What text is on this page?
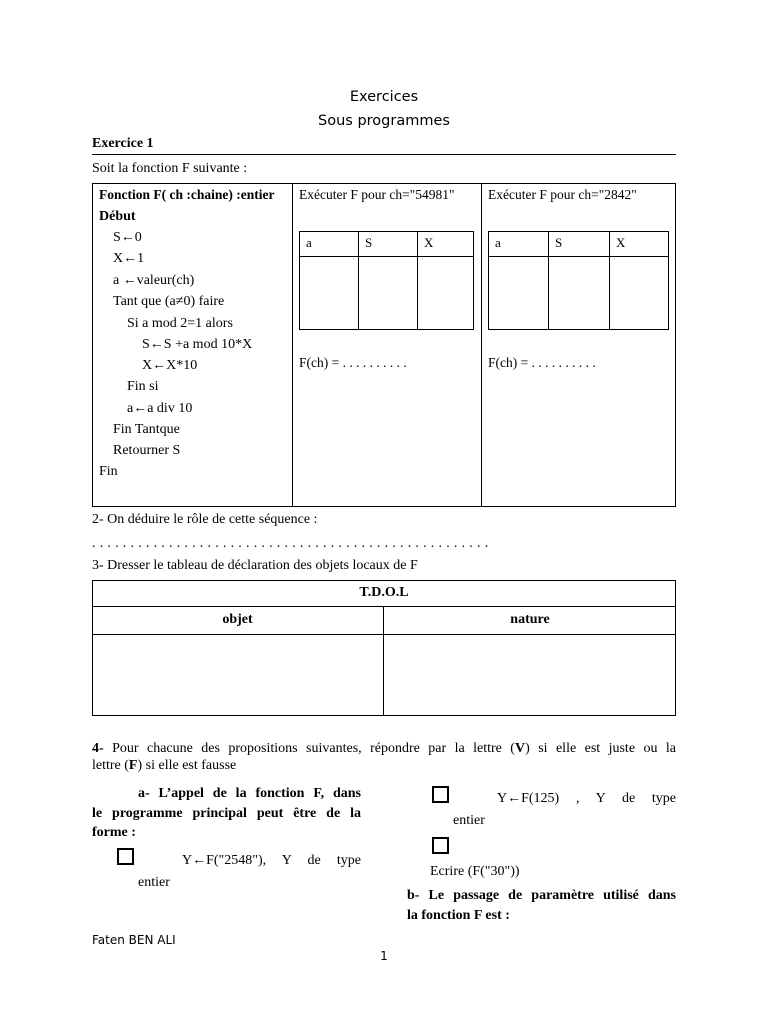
Exercices
Sous programmes
Exercice 1
Soit la fonction F suivante :
Fonction F( ch :chaine) :entier
Début
S←0
X←1
a ←valeur(ch)
Tant que (a≠0) faire
Si a mod 2=1 alors
S←S +a mod 10*X
X←X*10
Fin si
a←a div 10
Fin Tantque
Retourner S
Fin
Exécuter F pour ch="54981"
a	S	X

F(ch) = . . . . . . . . . .
Exécuter F pour ch="2842"
a	S	X

F(ch) = . . . . . . . . . .
2- On déduire le rôle de cette séquence :
. . . . . . . . . . . . . . . . . . . . . . . . . . . . . . . . . . . . . . . . . . . . . . . . . . . .
3- Dresser le tableau de déclaration des objets locaux de F
T.D.O.L
objet	nature
4- Pour chacune des propositions suivantes, répondre par la lettre (V) si elle est juste ou la
lettre (F) si elle est fausse
a- L’appel de la fonction F, dans
le programme principal peut être de la
forme :
Y←F("2548"), Y de type
entier
Y←F(125) , Y de type
entier
Ecrire (F("30"))
b- Le passage de paramètre utilisé dans
la fonction F est :
Faten BEN ALI
1
